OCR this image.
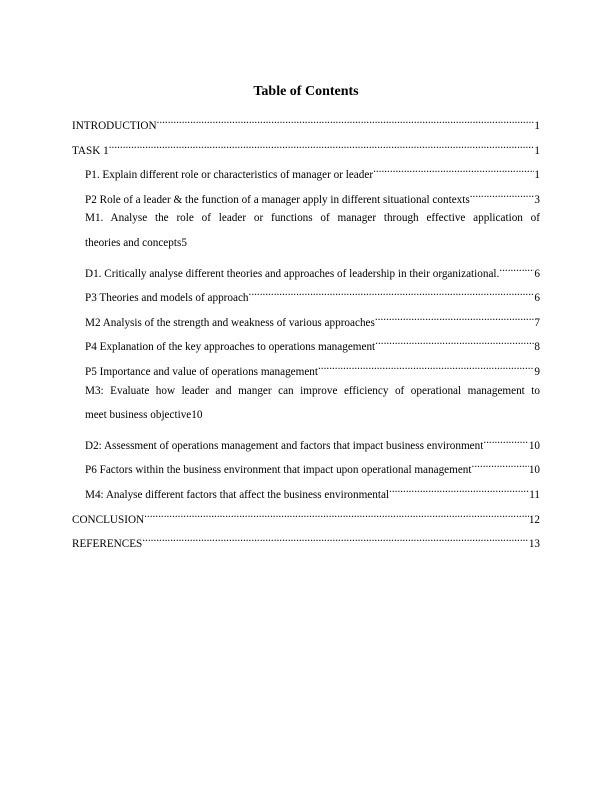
Table of Contents
INTRODUCTION .....	1
TASK 1 .....	1
P1. Explain different role or characteristics of manager or leader .....	1
P2 Role of a leader & the function of a manager apply in different situational contexts .....	3
M1. Analyse the role of leader or functions of manager through effective application of
theories and concepts 5
D1. Critically analyse different theories and approaches of leadership in their organizational. .....	6
P3 Theories and models of approach .....	6
M2 Analysis of the strength and weakness of various approaches .....	7
P4 Explanation of the key approaches to operations management .....	8
P5 Importance and value of operations management .....	9
M3: Evaluate how leader and manger can improve efficiency of operational management to
meet business objective 10
D2: Assessment of operations management and factors that impact business environment .....	10
P6 Factors within the business environment that impact upon operational management .....	10
M4: Analyse different factors that affect the business environmental .....	11
CONCLUSION .....	12
REFERENCES .....	13
